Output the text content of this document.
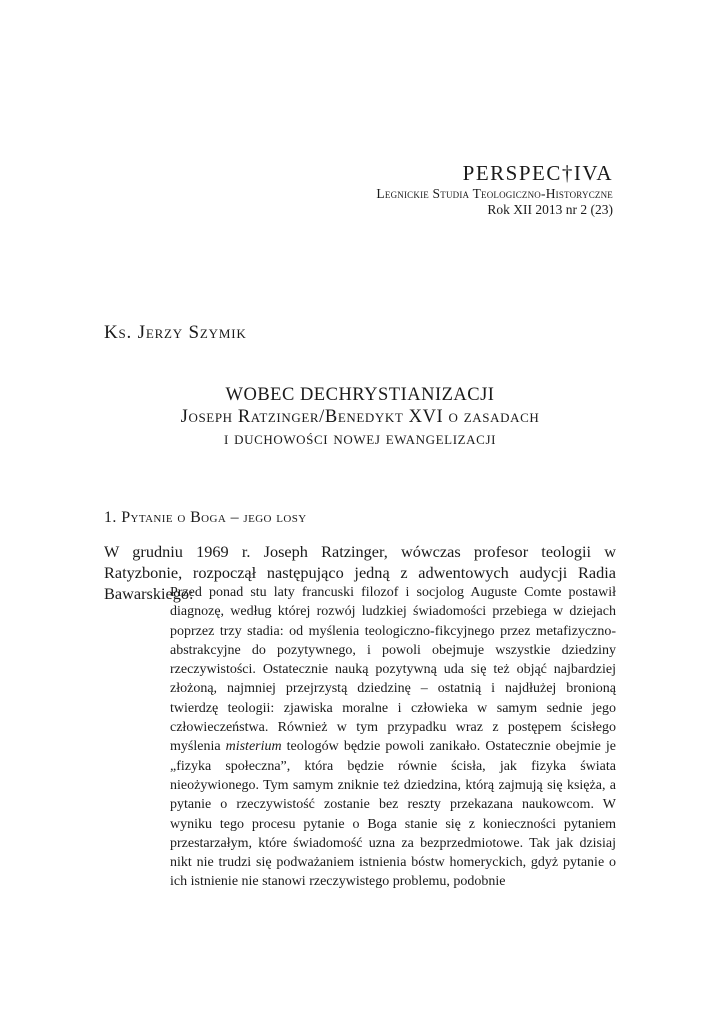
PERSPEC†IVA
Legnickie Studia Teologiczno-Historyczne
Rok XII 2013 nr 2 (23)
Ks. Jerzy Szymik
WOBEC DECHRYSTIANIZACJI
Joseph Ratzinger/Benedykt XVI o zasadach
i duchowości nowej ewangelizacji
1. Pytanie o Boga – jego losy

W grudniu 1969 r. Joseph Ratzinger, wówczas profesor teologii w Ratyzbonie, rozpoczął następująco jedną z adwentowych audycji Radia Bawarskiego:

Przed ponad stu laty francuski filozof i socjolog Auguste Comte postawił diagnozę, według której rozwój ludzkiej świadomości przebiega w dziejach poprzez trzy stadia: od myślenia teologiczno-fikcyjnego przez metafizyczno-abstrakcyjne do pozytywnego, i powoli obejmuje wszystkie dziedziny rzeczywistości. Ostatecznie nauką pozytywną uda się też objąć najbardziej złożoną, najmniej przejrzystą dziedzinę – ostatnią i najdłużej bronioną twierdzę teologii: zjawiska moralne i człowieka w samym sednie jego człowieczeństwa. Również w tym przypadku wraz z postępem ścisłego myślenia misterium teologów będzie powoli zanikało. Ostatecznie obejmie je „fizyka społeczna”, która będzie równie ścisła, jak fizyka świata nieożywionego. Tym samym zniknie też dziedzina, którą zajmują się księża, a pytanie o rzeczywistość zostanie bez reszty przekazana naukowcom. W wyniku tego procesu pytanie o Boga stanie się z konieczności pytaniem przestarzałym, które świadomość uzna za bezprzedmiotowe. Tak jak dzisiaj nikt nie trudzi się podważaniem istnienia bóstw homeryckich, gdyż pytanie o ich istnienie nie stanowi rzeczywistego problemu, podobnie
